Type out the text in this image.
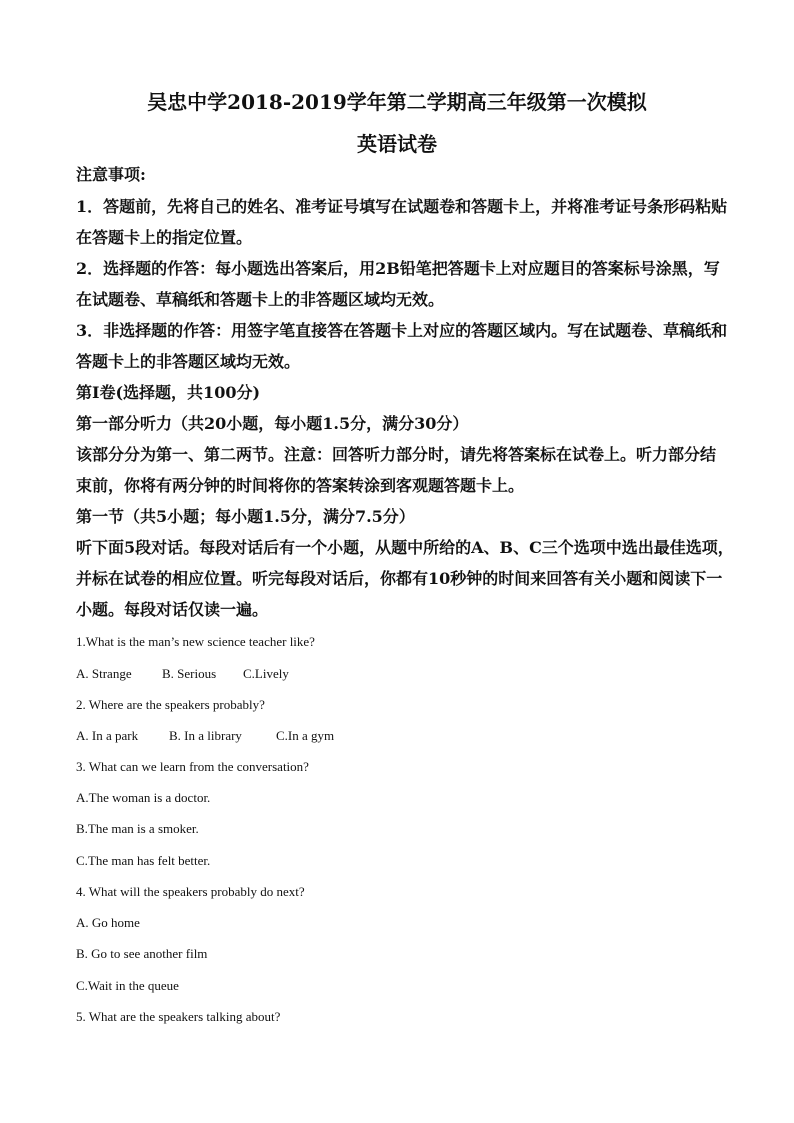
吴忠中学2018-2019学年第二学期高三年级第一次模拟
英语试卷
注意事项:
1．答题前，先将自己的姓名、准考证号填写在试题卷和答题卡上，并将准考证号条形码粘贴
在答题卡上的指定位置。
2．选择题的作答：每小题选出答案后，用2B铅笔把答题卡上对应题目的答案标号涂黑，写
在试题卷、草稿纸和答题卡上的非答题区域均无效。
3．非选择题的作答：用签字笔直接答在答题卡上对应的答题区域内。写在试题卷、草稿纸和
答题卡上的非答题区域均无效。
第Ⅰ卷(选择题，共100分)
第一部分听力（共20小题，每小题1.5分，满分30分）
该部分分为第一、第二两节。注意：回答听力部分时，请先将答案标在试卷上。听力部分结
束前，你将有两分钟的时间将你的答案转涂到客观题答题卡上。
第一节（共5小题；每小题1.5分，满分7.5分）
听下面5段对话。每段对话后有一个小题，从题中所给的A、B、C三个选项中选出最佳选项，
并标在试卷的相应位置。听完每段对话后，你都有10秒钟的时间来回答有关小题和阅读下一
小题。每段对话仅读一遍。
1.What is the man’s new science teacher like?
A. Strange B. Serious C.Lively
2. Where are the speakers probably?
A. In a park B. In a library	C.In a gym
3. What can we learn from the conversation?
A.The woman is a doctor.
B.The man is a smoker.
C.The man has felt better.
4. What will the speakers probably do next?
A. Go home
B. Go to see another film
C.Wait in the queue
5. What are the speakers talking about?
